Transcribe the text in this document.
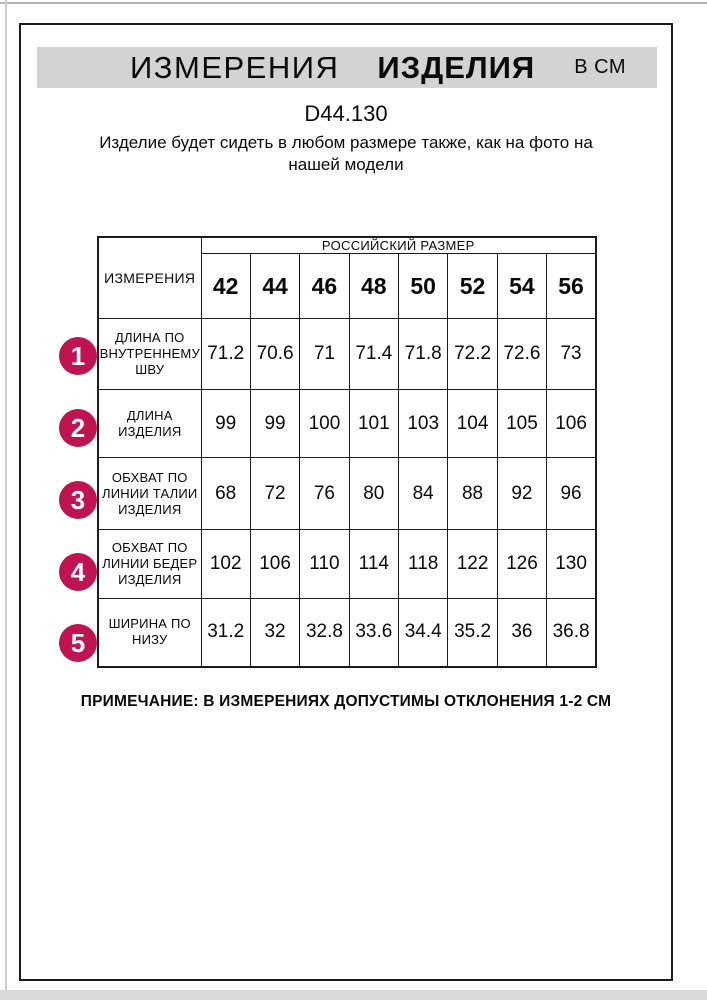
ИЗМЕРЕНИЯ ИЗДЕЛИЯ В СМ
D44.130
Изделие будет сидеть в любом размере также, как на фото на
нашей модели
ИЗМЕРЕНИЯ	РОССИЙСКИЙ РАЗМЕР							
	42	44	46	48	50	52	54	56
ДЛИНА ПО ВНУТРЕННЕМУ ШВУ	71.2	70.6	71	71.4	71.8	72.2	72.6	73
ДЛИНА ИЗДЕЛИЯ	99	99	100	101	103	104	105	106
ОБХВАТ ПО ЛИНИИ ТАЛИИ ИЗДЕЛИЯ	68	72	76	80	84	88	92	96
ОБХВАТ ПО ЛИНИИ БЕДЕР ИЗДЕЛИЯ	102	106	110	114	118	122	126	130
ШИРИНА ПО НИЗУ	31.2	32	32.8	33.6	34.4	35.2	36	36.8
1
2
3
4
5
ПРИМЕЧАНИЕ: В ИЗМЕРЕНИЯХ ДОПУСТИМЫ ОТКЛОНЕНИЯ 1-2 СМ
